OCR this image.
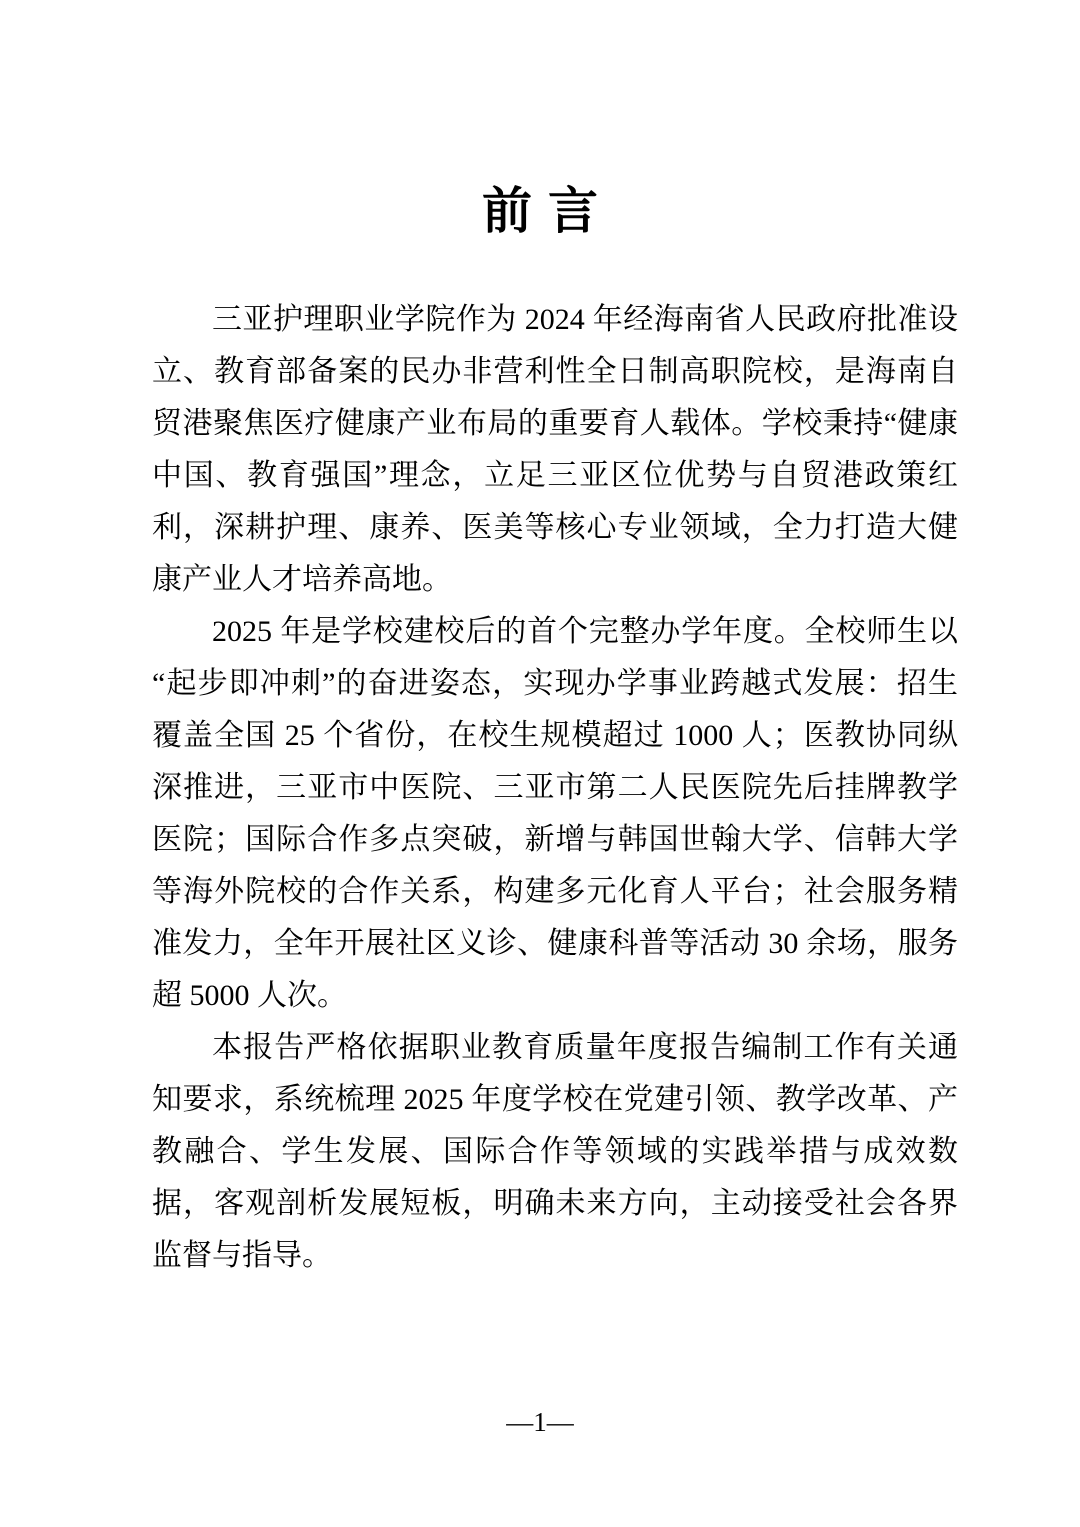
前言

三亚护理职业学院作为 2024 年经海南省人民政府批准设立、教育部备案的民办非营利性全日制高职院校，是海南自贸港聚焦医疗健康产业布局的重要育人载体。学校秉持“健康中国、教育强国”理念，立足三亚区位优势与自贸港政策红利，深耕护理、康养、医美等核心专业领域，全力打造大健康产业人才培养高地。

2025 年是学校建校后的首个完整办学年度。全校师生以“起步即冲刺”的奋进姿态，实现办学事业跨越式发展：招生覆盖全国 25 个省份，在校生规模超过 1000 人；医教协同纵深推进，三亚市中医院、三亚市第二人民医院先后挂牌教学医院；国际合作多点突破，新增与韩国世翰大学、信韩大学等海外院校的合作关系，构建多元化育人平台；社会服务精准发力，全年开展社区义诊、健康科普等活动 30 余场，服务超 5000 人次。

本报告严格依据职业教育质量年度报告编制工作有关通知要求，系统梳理 2025 年度学校在党建引领、教学改革、产教融合、学生发展、国际合作等领域的实践举措与成效数据，客观剖析发展短板，明确未来方向，主动接受社会各界监督与指导。

—1—
